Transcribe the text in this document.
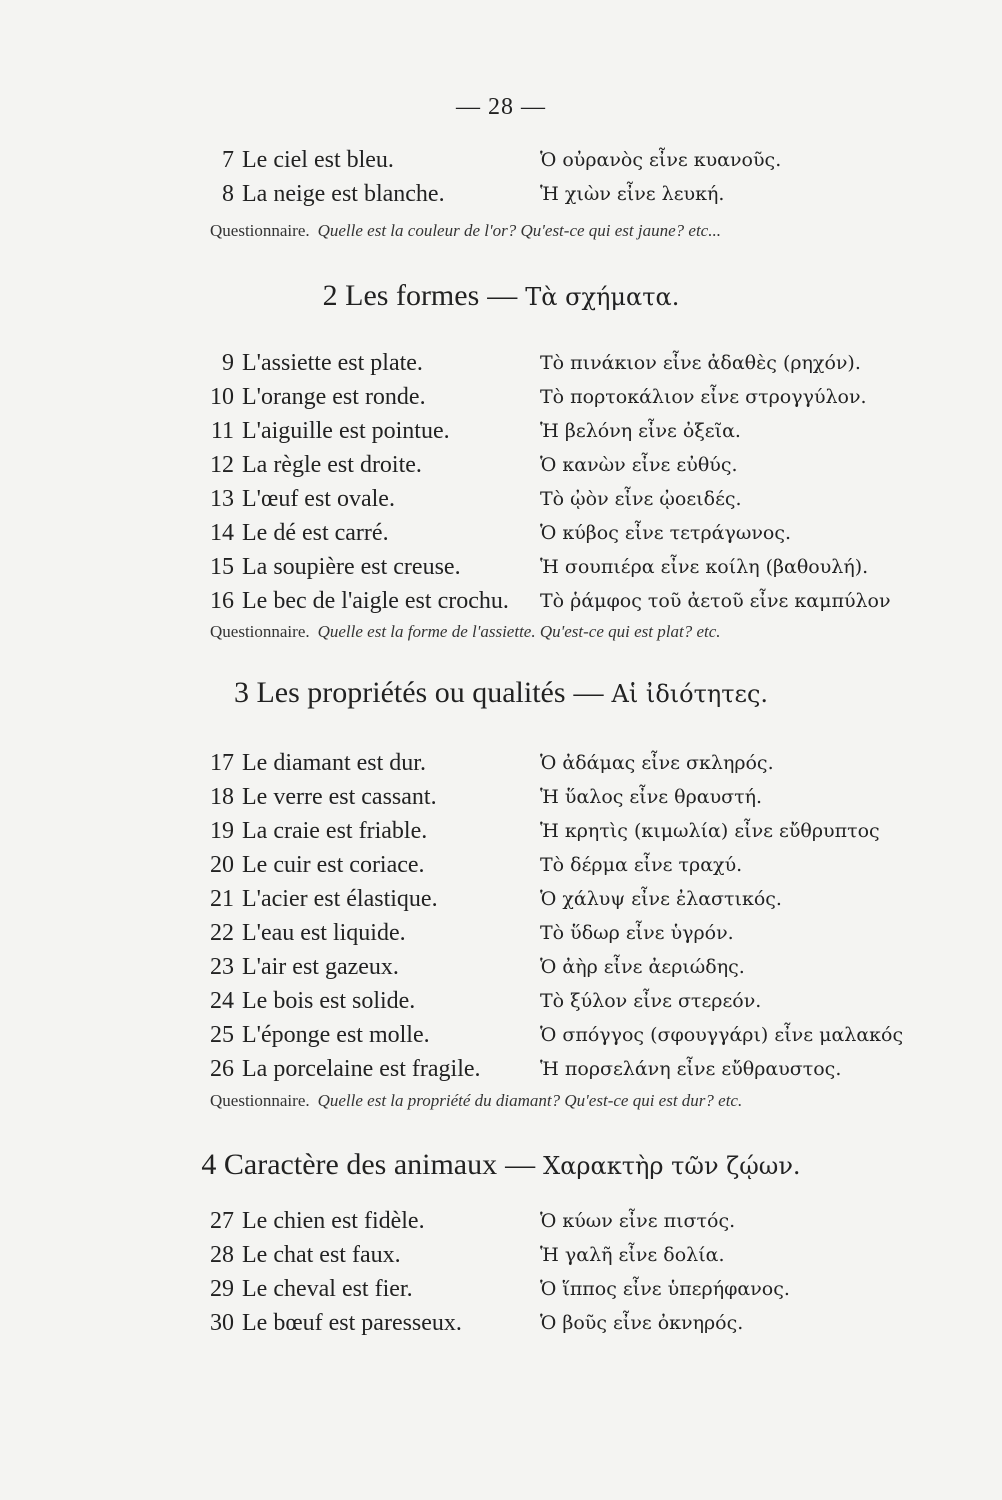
— 28 —
7 Le ciel est bleu.	Ὁ οὐρανὸς εἶνε κυανοῦς.
8 La neige est blanche.	Ἡ χιὼν εἶνε λευκή.
Questionnaire. Quelle est la couleur de l'or? Qu'est-ce qui est jaune? etc...
2 Les formes — Τὰ σχήματα.
9 L'assiette est plate.	Τὸ πινάκιον εἶνε ἀδαθὲς (ρηχόν).
10 L'orange est ronde.	Τὸ πορτοκάλιον εἶνε στρογγύλον.
11 L'aiguille est pointue.	Ἡ βελόνη εἶνε ὀξεῖα.
12 La règle est droite.	Ὁ κανὼν εἶνε εὐθύς.
13 L'œuf est ovale.	Τὸ ᾠὸν εἶνε ᾠοειδές.
14 Le dé est carré.	Ὁ κύβος εἶνε τετράγωνος.
15 La soupière est creuse.	Ἡ σουπιέρα εἶνε κοίλη (βαθουλή).
16 Le bec de l'aigle est crochu. Τὸ ῥάμφος τοῦ ἀετοῦ εἶνε καμπύλον
Questionnaire. Quelle est la forme de l'assiette. Qu'est-ce qui est plat? etc.
3 Les propriétés ou qualités — Αἱ ἰδιότητες.
17 Le diamant est dur.	Ὁ ἀδάμας εἶνε σκληρός.
18 Le verre est cassant.	Ἡ ὕαλος εἶνε θραυστή.
19 La craie est friable.	Ἡ κρητὶς (κιμωλία) εἶνε εὔθρυπτος
20 Le cuir est coriace.	Τὸ δέρμα εἶνε τραχύ.
21 L'acier est élastique.	Ὁ χάλυψ εἶνε ἐλαστικός.
22 L'eau est liquide.	Τὸ ὕδωρ εἶνε ὑγρόν.
23 L'air est gazeux.	Ὁ ἀὴρ εἶνε ἀεριώδης.
24 Le bois est solide.	Τὸ ξύλον εἶνε στερεόν.
25 L'éponge est molle.	Ὁ σπόγγος (σφουγγάρι) εἶνε μαλακός
26 La porcelaine est fragile.	Ἡ πορσελάνη εἶνε εὔθραυστος.
Questionnaire. Quelle est la propriété du diamant? Qu'est-ce qui est dur? etc.
4 Caractère des animaux — Χαρακτὴρ τῶν ζῴων.
27 Le chien est fidèle.	Ὁ κύων εἶνε πιστός.
28 Le chat est faux.	Ἡ γαλῆ εἶνε δολία.
29 Le cheval est fier.	Ὁ ἵππος εἶνε ὑπερήφανος.
30 Le bœuf est paresseux.	Ὁ βοῦς εἶνε ὀκνηρός.
